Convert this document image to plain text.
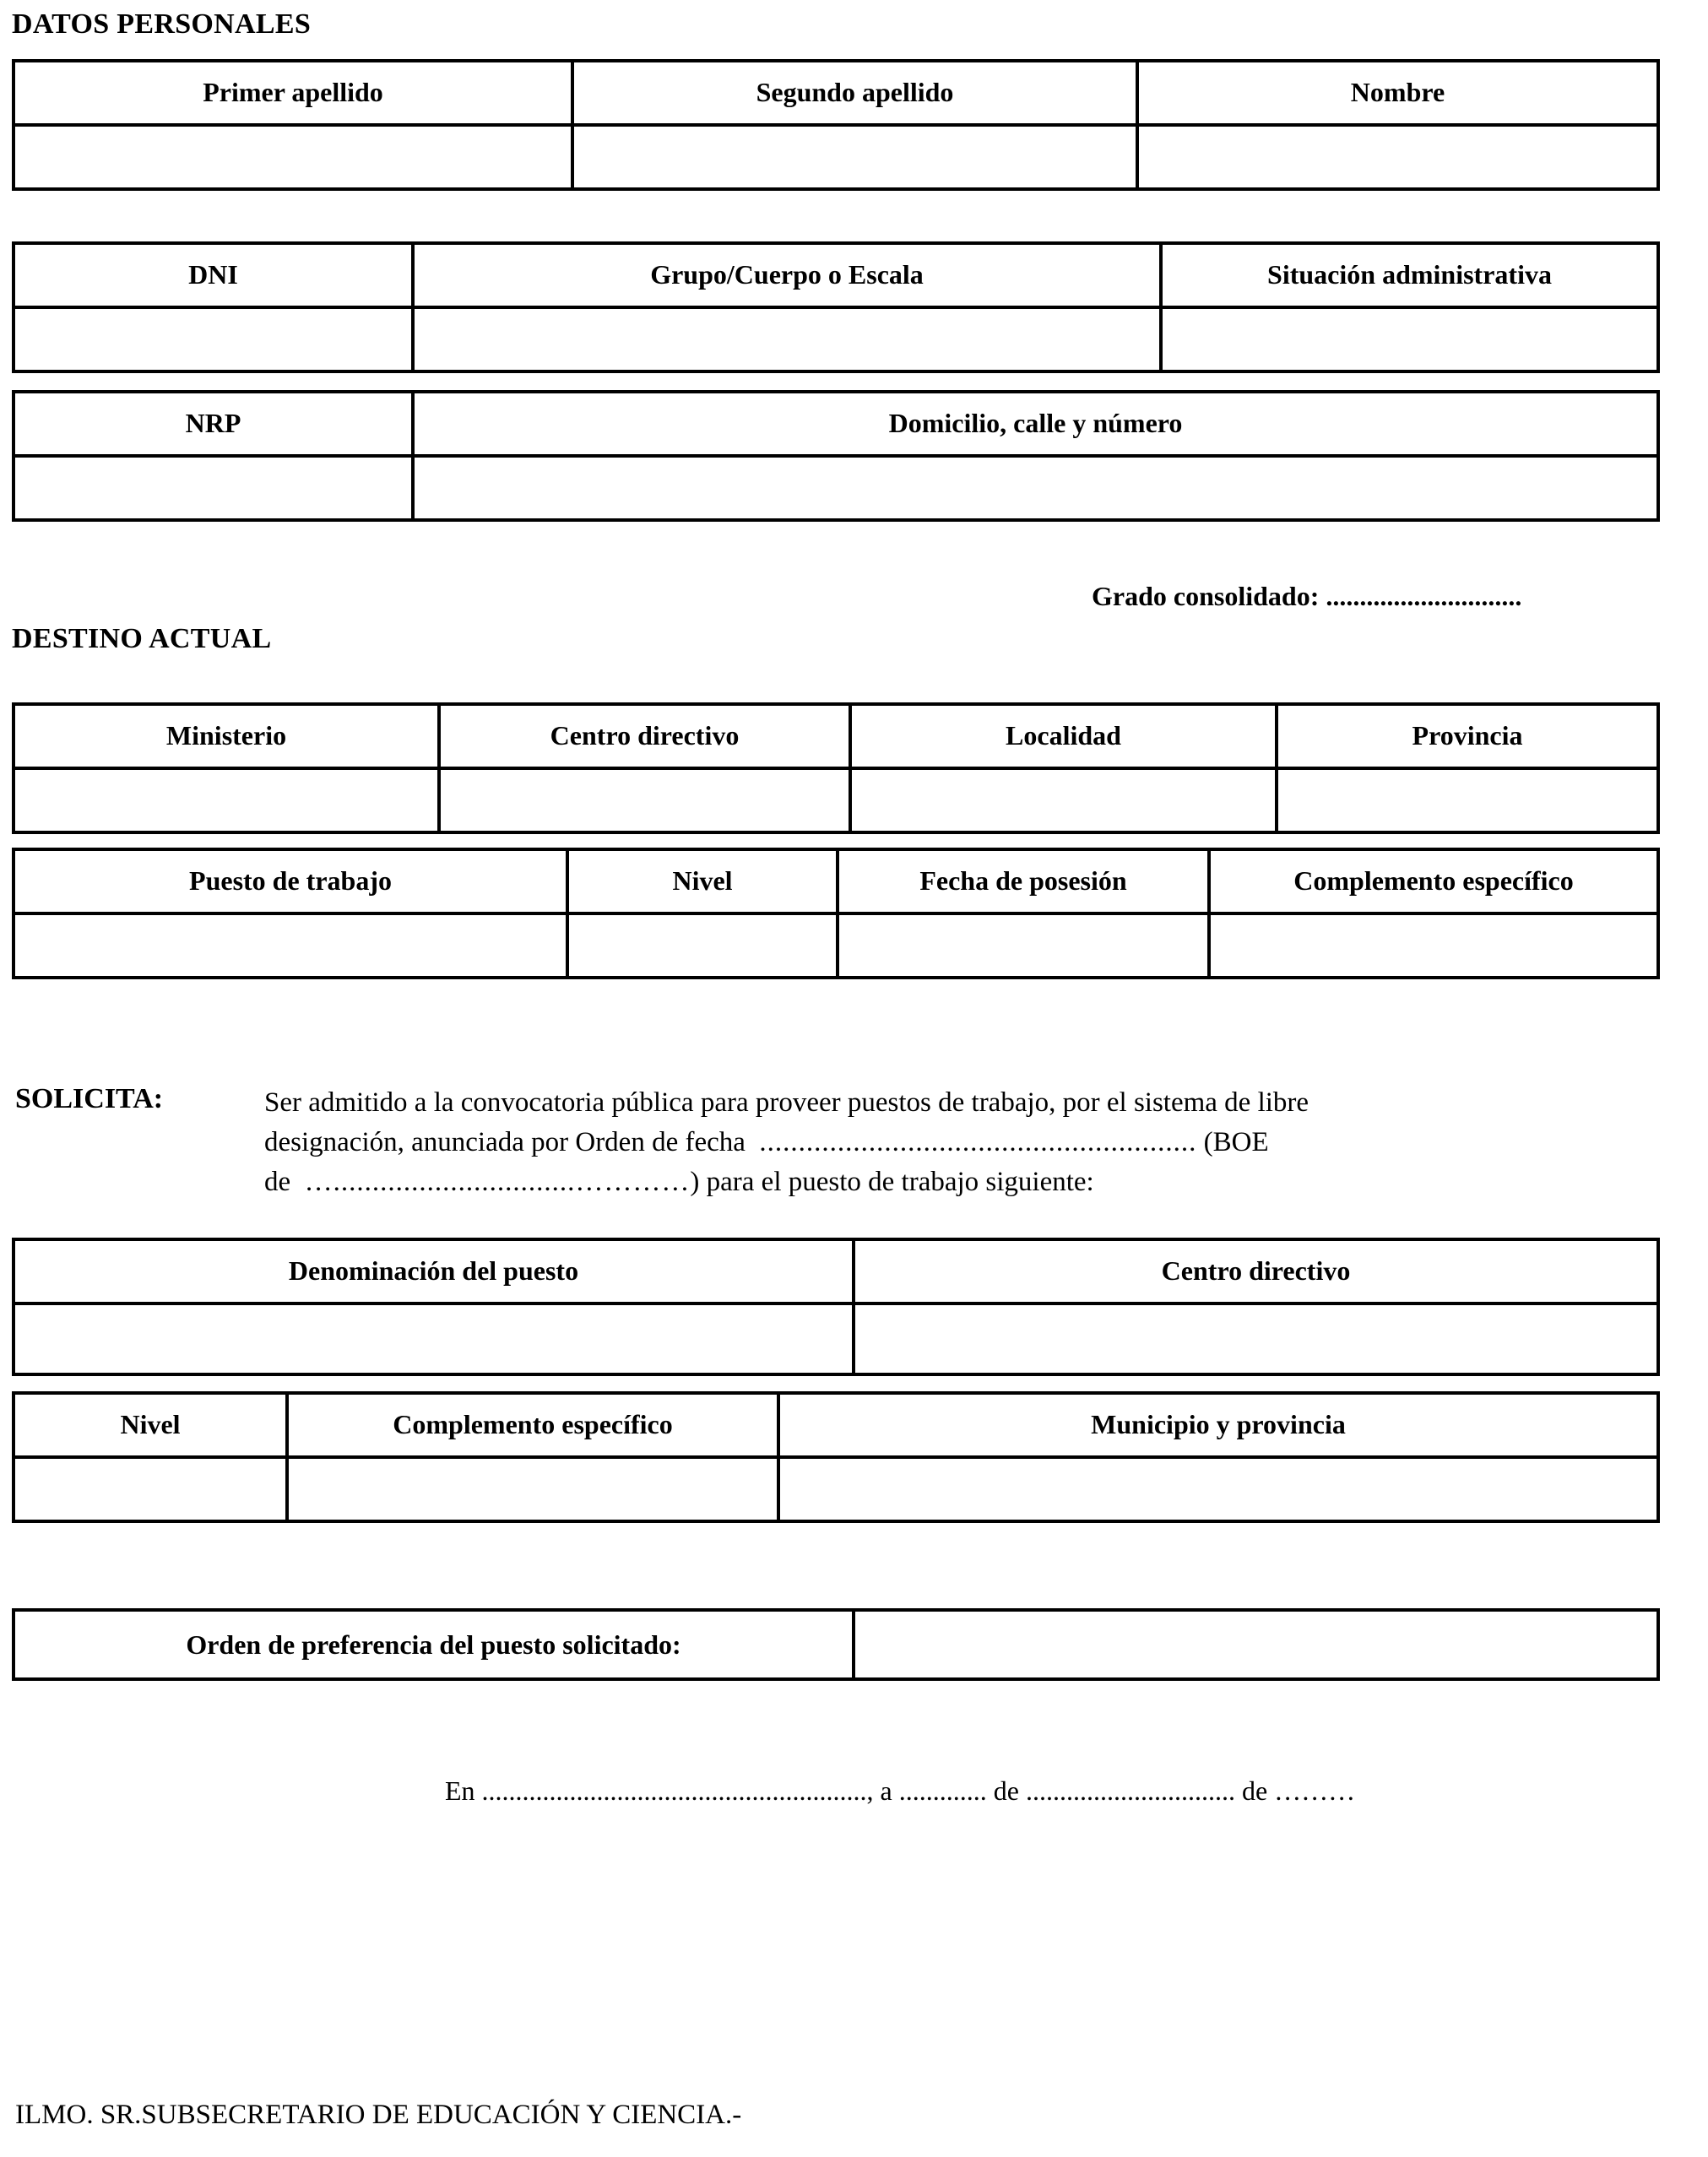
DATOS PERSONALES
Primer apellido	Segundo apellido	Nombre

DNI	Grupo/Cuerpo o Escala	Situación administrativa

NRP	Domicilio, calle y número

Grado consolidado: .............................
DESTINO ACTUAL
Ministerio	Centro directivo	Localidad	Provincia

Puesto de trabajo	Nivel	Fecha de posesión	Complemento específico

SOLICITA:	Ser admitido a la convocatoria pública para proveer puestos de trabajo, por el sistema de libre

designación, anunciada por Orden de fecha ........................................................ (BOE

de …...............................…………) para el puesto de trabajo siguiente:

Denominación del puesto	Centro directivo

Nivel	Complemento específico	Municipio y provincia

Orden de preferencia del puesto solicitado:	
En ........................................................., a ............. de ............................... de ………
ILMO. SR.SUBSECRETARIO DE EDUCACIÓN Y CIENCIA.-
